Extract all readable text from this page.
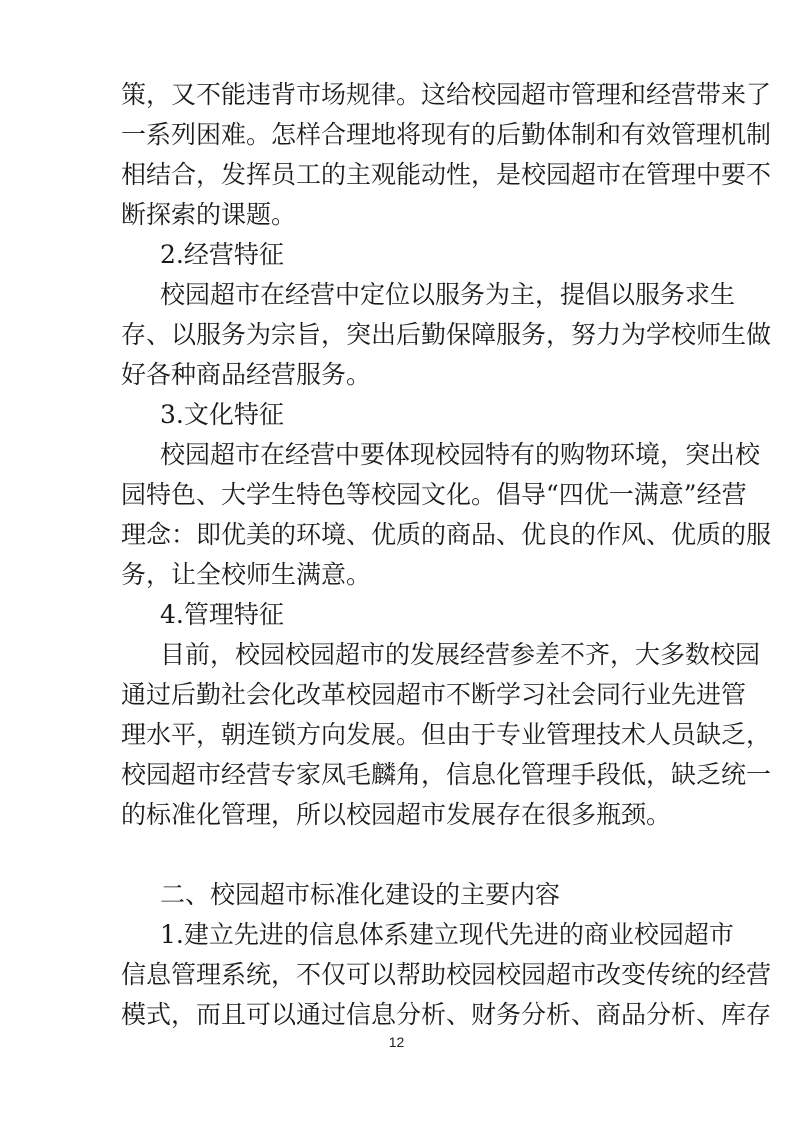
策，又不能违背市场规律。这给校园超市管理和经营带来了
一系列困难。怎样合理地将现有的后勤体制和有效管理机制
相结合，发挥员工的主观能动性，是校园超市在管理中要不
断探索的课题。
2.经营特征
校园超市在经营中定位以服务为主，提倡以服务求生
存、以服务为宗旨，突出后勤保障服务，努力为学校师生做
好各种商品经营服务。
3.文化特征
校园超市在经营中要体现校园特有的购物环境，突出校
园特色、大学生特色等校园文化。倡导“四优一满意”经营
理念：即优美的环境、优质的商品、优良的作风、优质的服
务，让全校师生满意。
4.管理特征
目前，校园校园超市的发展经营参差不齐，大多数校园
通过后勤社会化改革校园超市不断学习社会同行业先进管
理水平，朝连锁方向发展。但由于专业管理技术人员缺乏，
校园超市经营专家凤毛麟角，信息化管理手段低，缺乏统一
的标准化管理，所以校园超市发展存在很多瓶颈。
二、校园超市标准化建设的主要内容
1.建立先进的信息体系建立现代先进的商业校园超市
信息管理系统，不仅可以帮助校园校园超市改变传统的经营
模式，而且可以通过信息分析、财务分析、商品分析、库存
12
